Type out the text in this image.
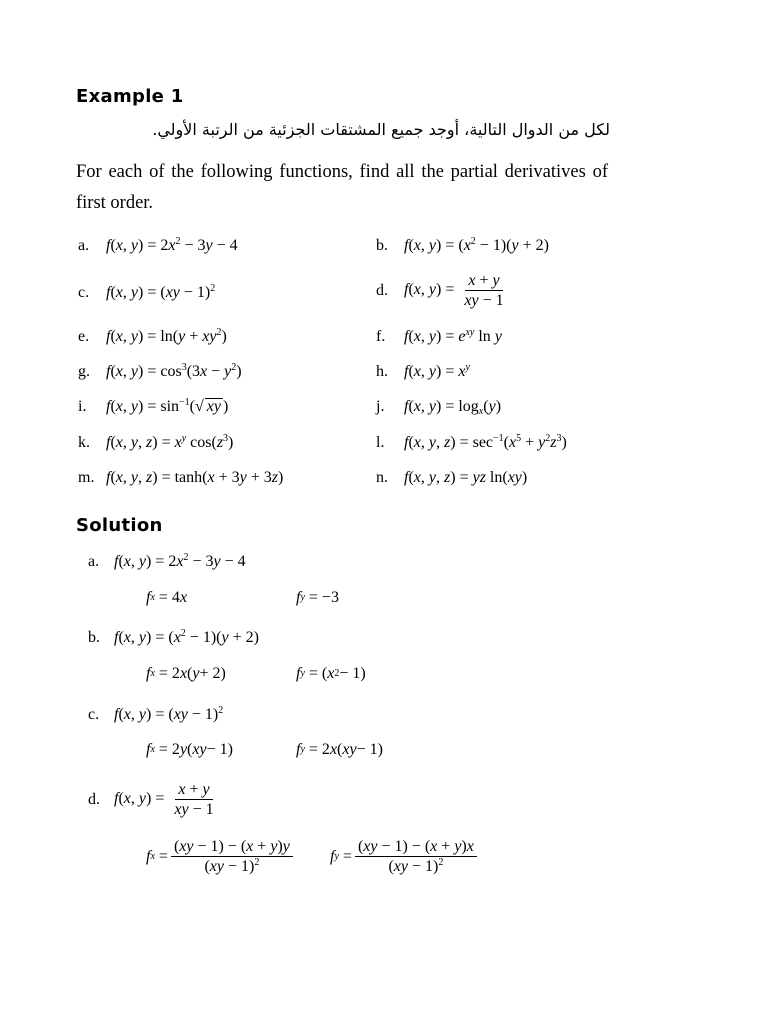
Example 1
لكل من الدوال التالية، أوجد جميع المشتقات الجزئية من الرتبة الأولي.
For each of the following functions, find all the partial derivatives of first order.
a.	f(x, $y) = 2x^2 - 3y - 4$	b.	f(x, $y) = (x^2 - 1)(y + 2)$
c.	f(x, y) = (xy − 1)$^2$	d.	f(x, $y) = \frac{x + y}{xy - 1}$
e.	f(x, $y) = \ln(y + xy^2)$	f.	f(x, $y) = e^{xy}$ ln y
g.	f(x, $y) = \cos^3(3x - y^2)$	h.	f(x, $y) = x^y$
i.	f(x, $y) = \sin^{-1}(√$ xy )	j.	f(x, $y) = \log_x(y)$
k.	f(x, y, $z) = x^y$ $\cos(z^3)$	l.	f(x, y, $z) = \sec^{-1}(x^5 + y^2z^3)$
m. f(x, y, z) = tanh(x + 3y + 3z)	n.	f(x, y, z) = yz ln(xy)
Solution
a. f(x, $y) = 2x^2 - 3y - 4$
f x = 4 x	f y = −3
b. f(x, $y) = (x^2 - 1)(y + 2)$
f x = 2 x ( y + 2)	f y = ( x 2 − 1)
c. f(x, y) = (xy − 1)$^2$
f x = 2 y ( xy − 1)	f y = 2 x ( xy − 1)
d. f(x, $y) = \frac{x + y}{xy - 1}$
f $x = \frac{(xy - 1) - (x + y)y}{(xy - 1)^2}$ f $y = \frac{(xy - 1) - (x + y)x}{(xy - 1)^2}$
